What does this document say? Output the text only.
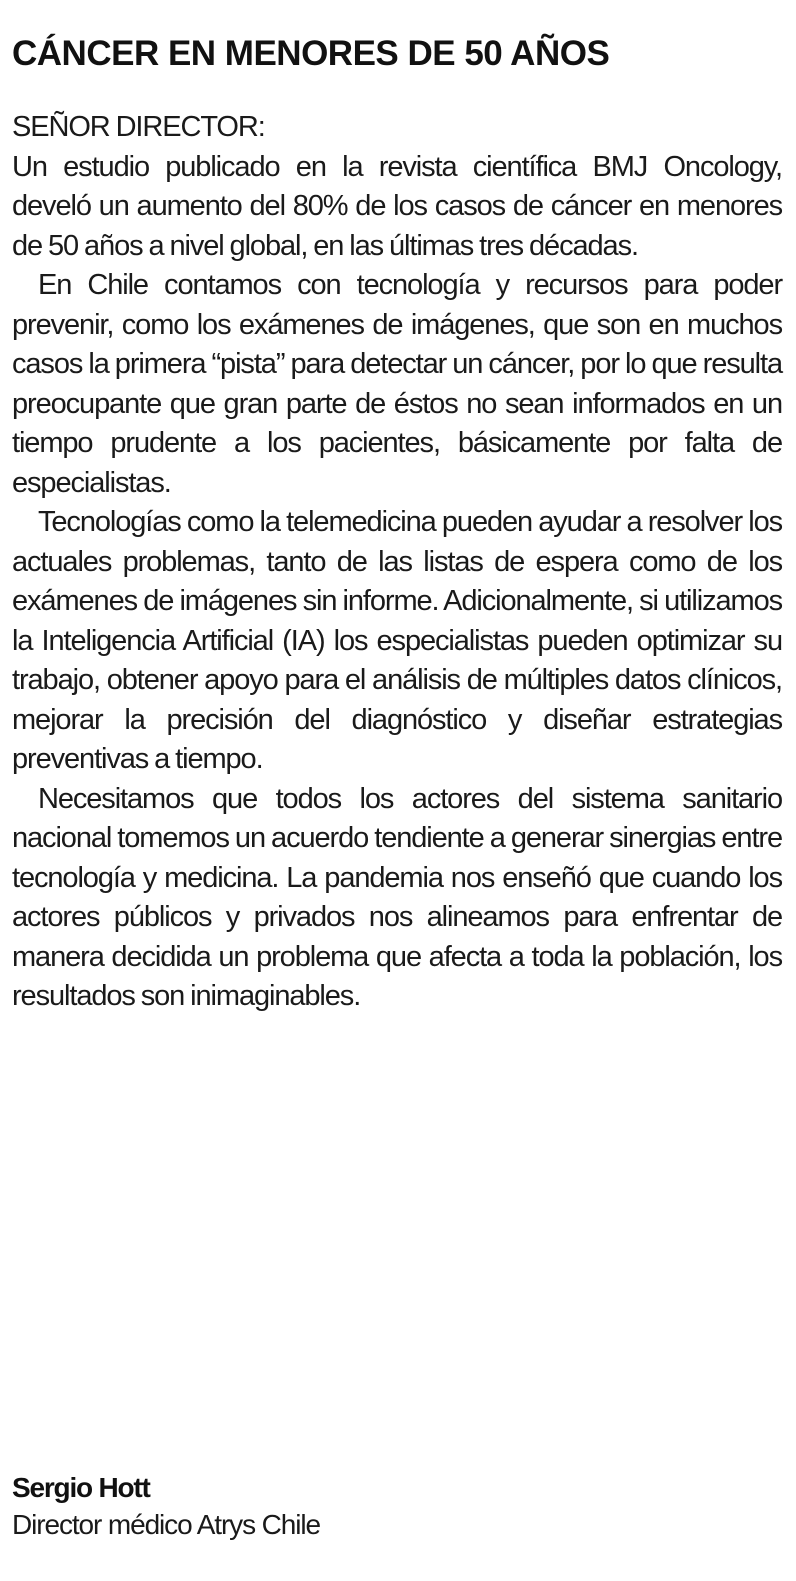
CÁNCER EN MENORES DE 50 AÑOS

SEÑOR DIRECTOR:

Un estudio publicado en la revista científica BMJ Oncology, develó un aumento del 80% de los casos de cáncer en menores de 50 años a nivel global, en las últimas tres décadas.

En Chile contamos con tecnología y recursos para poder prevenir, como los exámenes de imágenes, que son en muchos casos la primera “pista” para detectar un cáncer, por lo que resulta preocupante que gran parte de éstos no sean informados en un tiempo prudente a los pacientes, básicamente por falta de especialistas.

Tecnologías como la telemedicina pueden ayudar a resolver los actuales problemas, tanto de las listas de espera como de los exámenes de imágenes sin informe. Adicionalmente, si utilizamos la Inteligencia Artificial (IA) los especialistas pueden optimizar su trabajo, obtener apoyo para el análisis de múltiples datos clínicos, mejorar la precisión del diagnóstico y diseñar estrategias preventivas a tiempo.

Necesitamos que todos los actores del sistema sanitario nacional tomemos un acuerdo tendiente a generar sinergias entre tecnología y medicina. La pandemia nos enseñó que cuando los actores públicos y privados nos alineamos para enfrentar de manera decidida un problema que afecta a toda la población, los resultados son inimaginables.

Sergio Hott

Director médico Atrys Chile
